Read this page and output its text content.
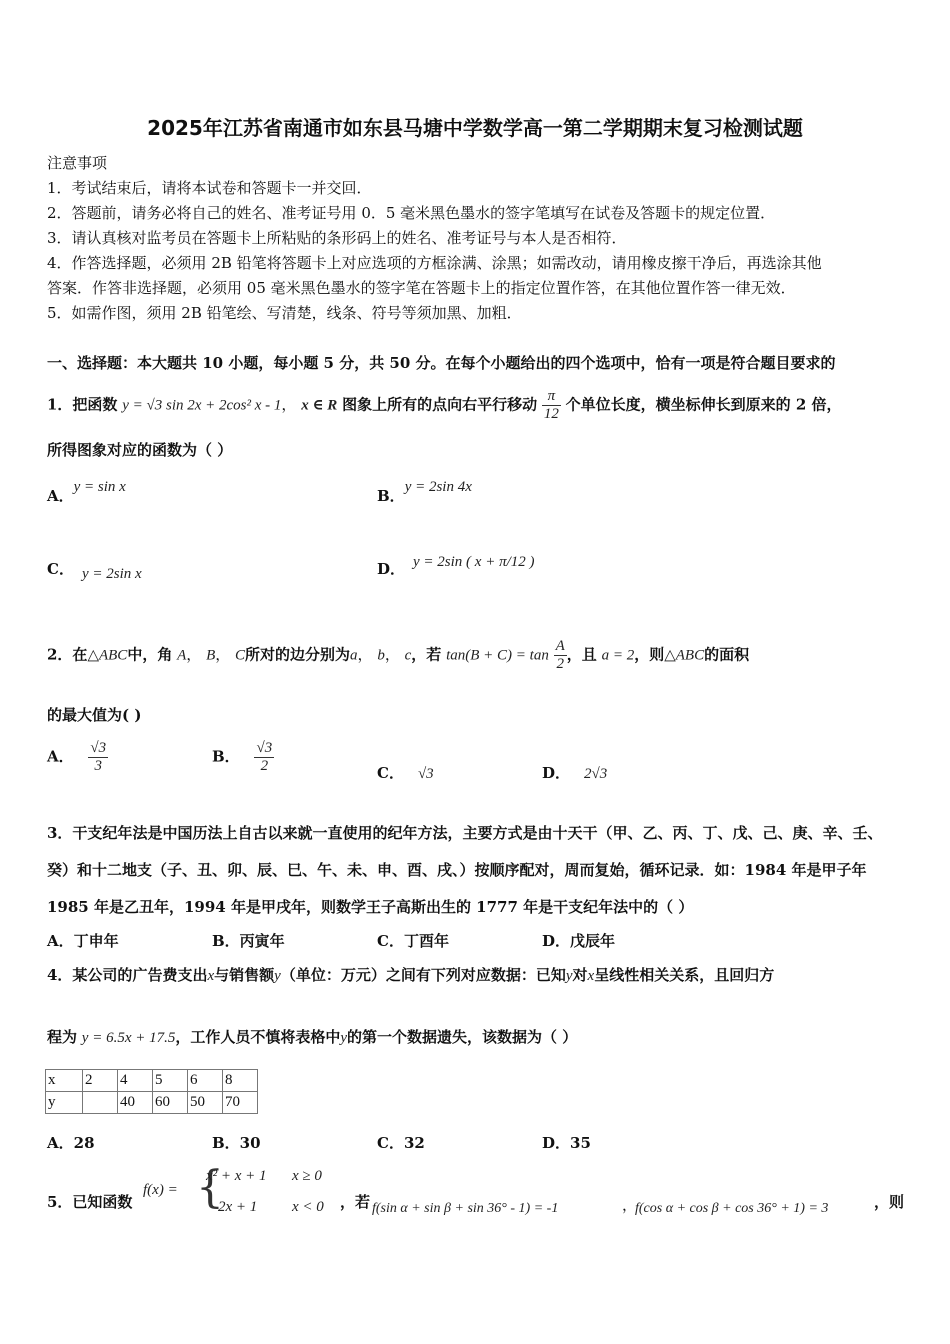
2025年江苏省南通市如东县马塘中学数学高一第二学期期末复习检测试题
注意事项
1．考试结束后，请将本试卷和答题卡一并交回．
2．答题前，请务必将自己的姓名、准考证号用 0．5 毫米黑色墨水的签字笔填写在试卷及答题卡的规定位置．
3．请认真核对监考员在答题卡上所粘贴的条形码上的姓名、准考证号与本人是否相符．
4．作答选择题，必须用 2B 铅笔将答题卡上对应选项的方框涂满、涂黑；如需改动，请用橡皮擦干净后，再选涂其他
答案．作答非选择题，必须用 05 毫米黑色墨水的签字笔在答题卡上的指定位置作答，在其他位置作答一律无效．
5．如需作图，须用 2B 铅笔绘、写清楚，线条、符号等须加黑、加粗．
一、选择题：本大题共 10 小题，每小题 5 分，共 50 分。在每个小题给出的四个选项中，恰有一项是符合题目要求的
1．把函数 y = √3 sin 2x + 2cos² x - 1， x ∈ R 图象上所有的点向右平行移动 $\frac{\pi}{12}$ 个单位长度，横坐标伸长到原来的 2 倍，
所得图象对应的函数为（ ）
A．y = sin x	B．y = 2sin 4x
C． y = 2sin x	D． y = 2sin ( x + π/12 )
2．在△ABC中，角 A， B， C所对的边分别为a， b， c，若 $\tan(B + C) = \tan \frac{A}{2}$ ，且 a = 2，则△ABC的面积
的最大值为( )
A． $\frac{√3}{3}$	B． $\frac{√3}{2}$	C． √3	D． 2√3
3．干支纪年法是中国历法上自古以来就一直使用的纪年方法，主要方式是由十天干（甲、乙、丙、丁、戊、己、庚、辛、壬、
癸）和十二地支（子、丑、卯、辰、巳、午、未、申、酉、戌、）按顺序配对，周而复始，循环记录．如：1984 年是甲子年
1985 年是乙丑年，1994 年是甲戌年，则数学王子高斯出生的 1777 年是干支纪年法中的（ ）
A．丁申年	B．丙寅年	C．丁酉年	D．戊辰年
4．某公司的广告费支出x与销售额y（单位：万元）之间有下列对应数据：已知y对x呈线性相关关系，且回归方
程为 y = 6.5x + 17.5，工作人员不慎将表格中y的第一个数据遗失，该数据为（ ）
x	2	4	5	6	8
y		40	60	50	70
A．28	B．30	C．32	D．35
5．已知函数
f(x) = {
x² + x + 1 x ≥ 0
2x + 1 x < 0 ，若 f(sin α + sin β + sin 36° - 1) = -1	，
f(cos α + cos β + cos 36° + 1) = 3	，则
